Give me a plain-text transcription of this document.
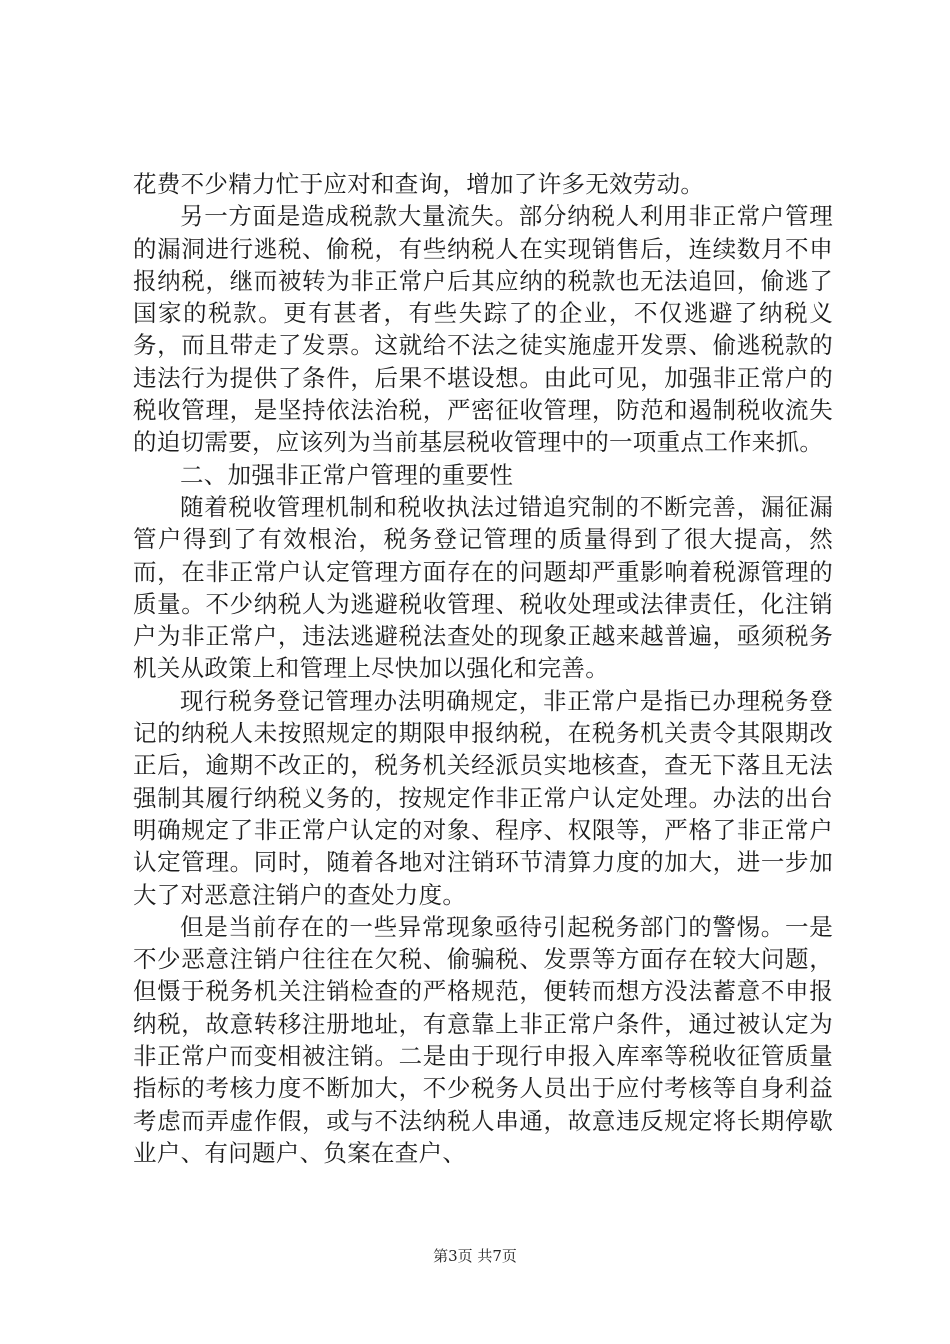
花费不少精力忙于应对和查询，增加了许多无效劳动。

另一方面是造成税款大量流失。部分纳税人利用非正常户管理的漏洞进行逃税、偷税，有些纳税人在实现销售后，连续数月不申报纳税，继而被转为非正常户后其应纳的税款也无法追回，偷逃了国家的税款。更有甚者，有些失踪了的企业，不仅逃避了纳税义务，而且带走了发票。这就给不法之徒实施虚开发票、偷逃税款的违法行为提供了条件，后果不堪设想。由此可见，加强非正常户的税收管理，是坚持依法治税，严密征收管理，防范和遏制税收流失的迫切需要，应该列为当前基层税收管理中的一项重点工作来抓。

二、加强非正常户管理的重要性

随着税收管理机制和税收执法过错追究制的不断完善，漏征漏管户得到了有效根治，税务登记管理的质量得到了很大提高，然而，在非正常户认定管理方面存在的问题却严重影响着税源管理的质量。不少纳税人为逃避税收管理、税收处理或法律责任，化注销户为非正常户，违法逃避税法查处的现象正越来越普遍，亟须税务机关从政策上和管理上尽快加以强化和完善。

现行税务登记管理办法明确规定，非正常户是指已办理税务登记的纳税人未按照规定的期限申报纳税，在税务机关责令其限期改正后，逾期不改正的，税务机关经派员实地核查，查无下落且无法强制其履行纳税义务的，按规定作非正常户认定处理。办法的出台明确规定了非正常户认定的对象、程序、权限等，严格了非正常户认定管理。同时，随着各地对注销环节清算力度的加大，进一步加大了对恶意注销户的查处力度。

但是当前存在的一些异常现象亟待引起税务部门的警惕。一是不少恶意注销户往往在欠税、偷骗税、发票等方面存在较大问题，但慑于税务机关注销检查的严格规范，便转而想方没法蓄意不申报纳税，故意转移注册地址，有意靠上非正常户条件，通过被认定为非正常户而变相被注销。二是由于现行申报入库率等税收征管质量指标的考核力度不断加大，不少税务人员出于应付考核等自身利益考虑而弄虚作假，或与不法纳税人串通，故意违反规定将长期停歇业户、有问题户、负案在查户、

第3页 共7页
